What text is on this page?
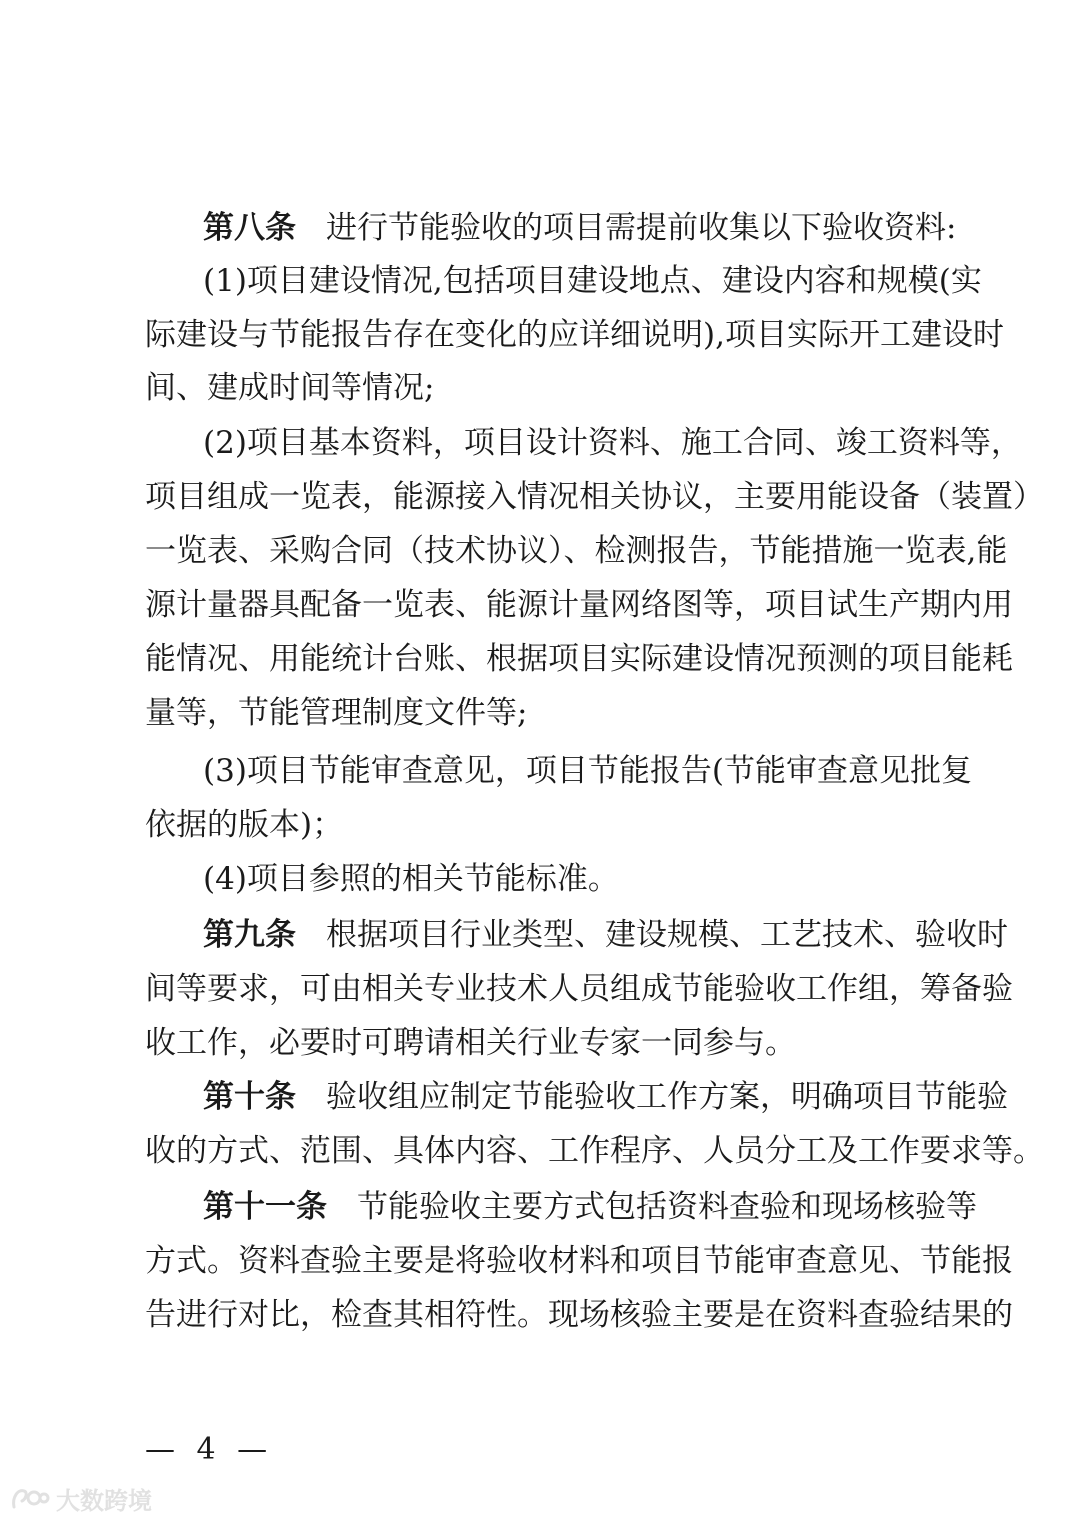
第八条 进行节能验收的项目需提前收集以下验收资料:
(1)项目建设情况,包括项目建设地点、建设内容和规模(实
际建设与节能报告存在变化的应详细说明),项目实际开工建设时
间、建成时间等情况;
(2)项目基本资料，项目设计资料、施工合同、竣工资料等，
项目组成一览表，能源接入情况相关协议，主要用能设备（装置）
一览表、采购合同（技术协议）、检测报告，节能措施一览表,能
源计量器具配备一览表、能源计量网络图等，项目试生产期内用
能情况、用能统计台账、根据项目实际建设情况预测的项目能耗
量等，节能管理制度文件等;
(3)项目节能审查意见，项目节能报告(节能审查意见批复
依据的版本)；
(4)项目参照的相关节能标准。
第九条 根据项目行业类型、建设规模、工艺技术、验收时
间等要求，可由相关专业技术人员组成节能验收工作组，筹备验
收工作，必要时可聘请相关行业专家一同参与。
第十条 验收组应制定节能验收工作方案，明确项目节能验
收的方式、范围、具体内容、工作程序、人员分工及工作要求等。
第十一条 节能验收主要方式包括资料查验和现场核验等
方式。资料查验主要是将验收材料和项目节能审查意见、节能报
告进行对比，检查其相符性。现场核验主要是在资料查验结果的
— 4 —
大数跨境
